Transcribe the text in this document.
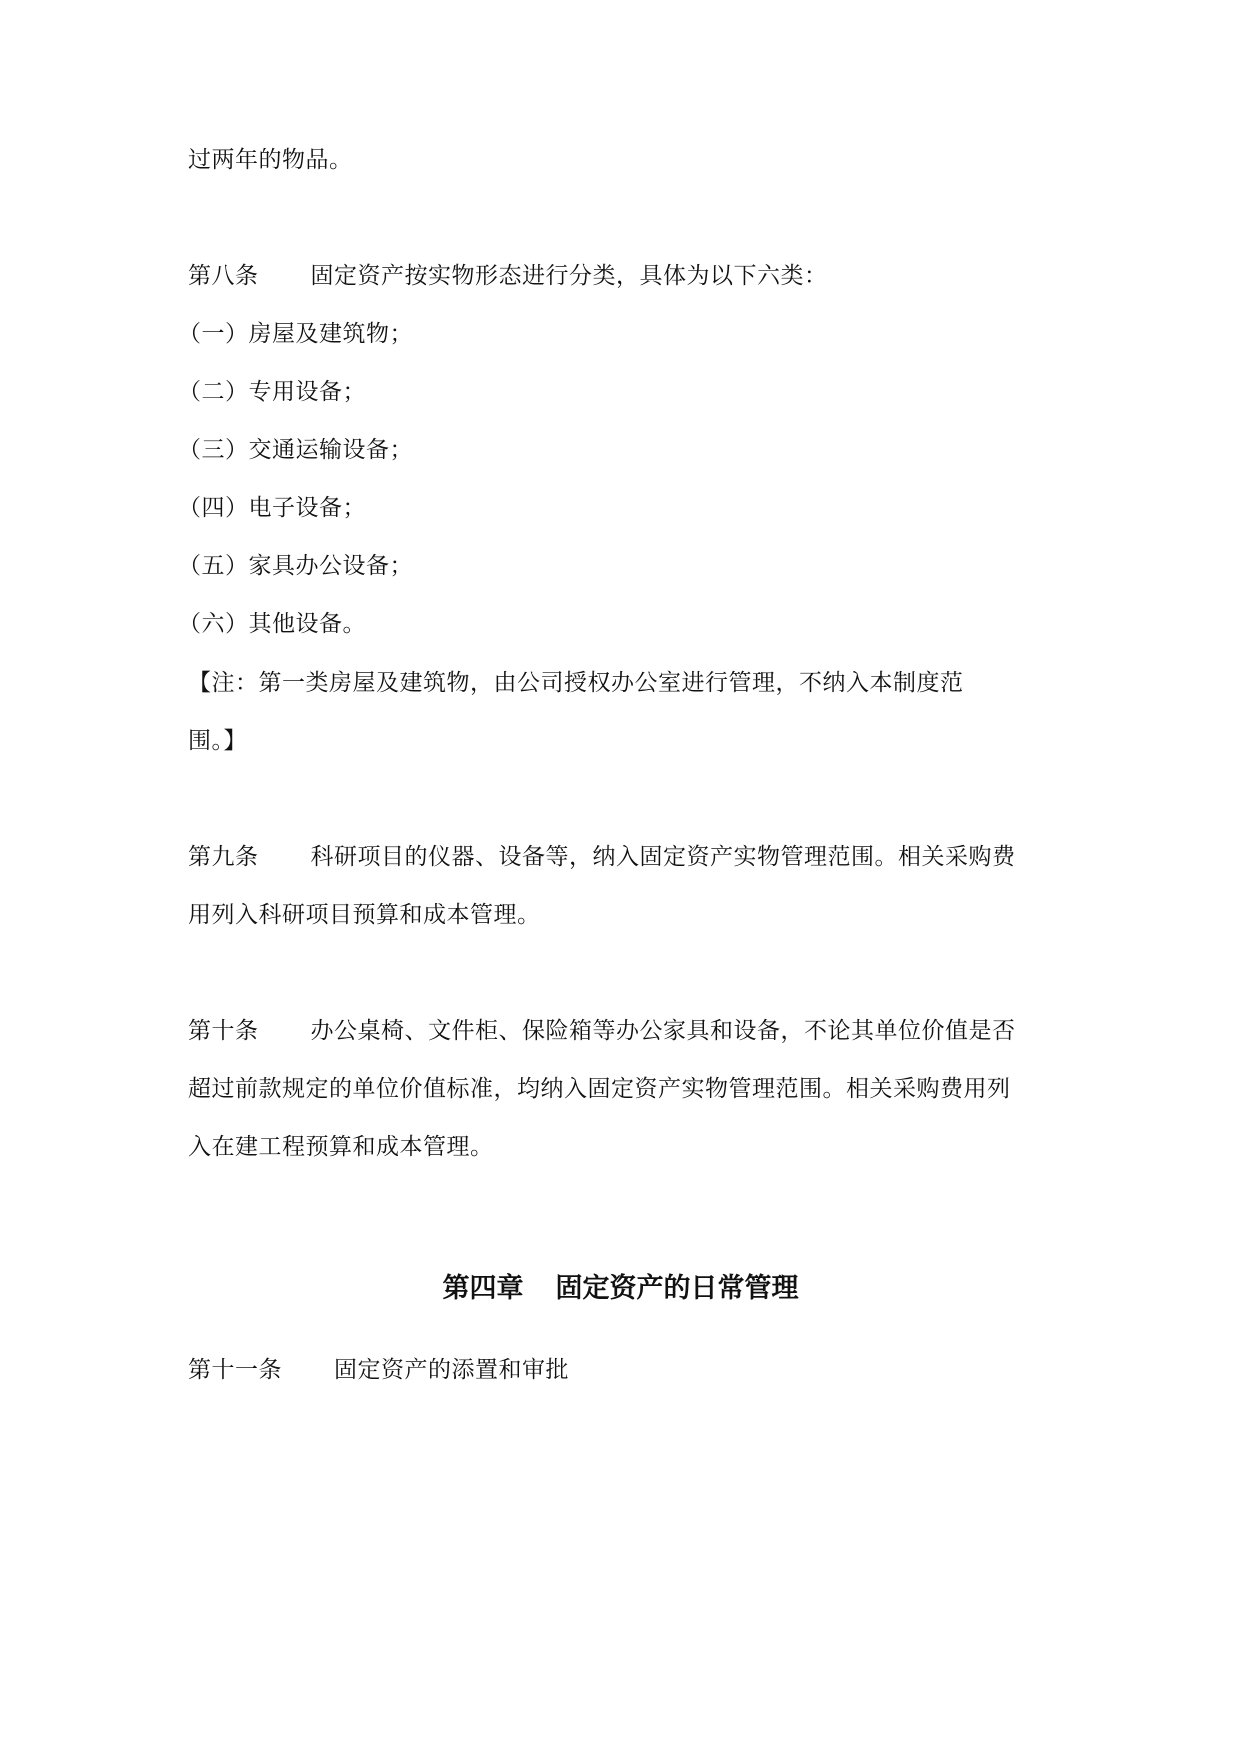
过两年的物品。
第八条 固定资产按实物形态进行分类，具体为以下六类：
（一）房屋及建筑物；
（二）专用设备；
（三）交通运输设备；
（四）电子设备；
（五）家具办公设备；
（六）其他设备。
【注：第一类房屋及建筑物，由公司授权办公室进行管理，不纳入本制度范
围。】
第九条 科研项目的仪器、设备等，纳入固定资产实物管理范围。相关采购费
用列入科研项目预算和成本管理。
第十条 办公桌椅、文件柜、保险箱等办公家具和设备，不论其单位价值是否
超过前款规定的单位价值标准，均纳入固定资产实物管理范围。相关采购费用列
入在建工程预算和成本管理。
第四章 固定资产的日常管理
第十一条 固定资产的添置和审批
